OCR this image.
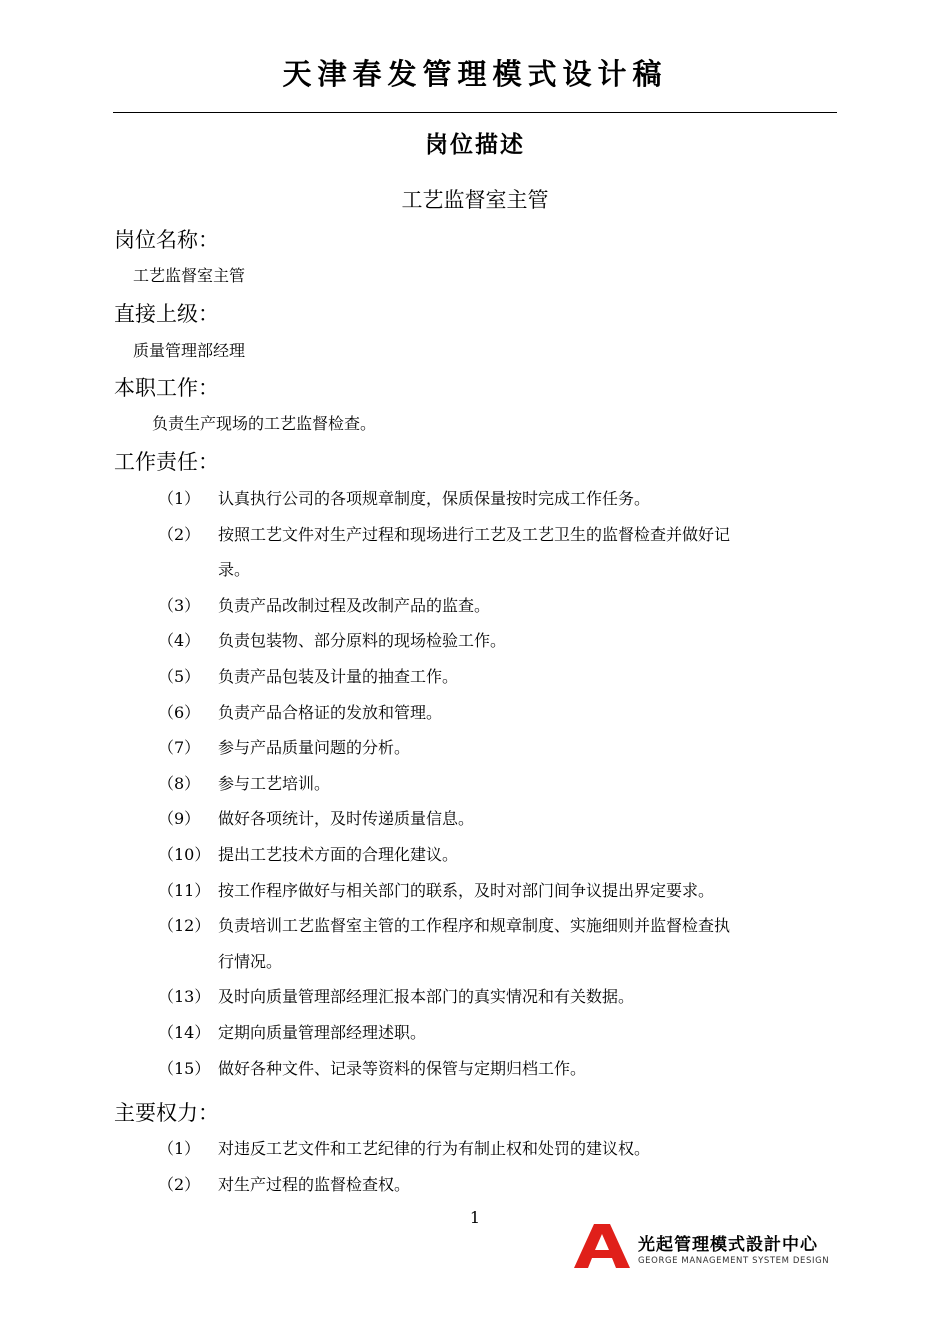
天津春发管理模式设计稿
岗位描述
工艺监督室主管
岗位名称：
工艺监督室主管
直接上级：
质量管理部经理
本职工作：
负责生产现场的工艺监督检查。
工作责任：
（1） 认真执行公司的各项规章制度，保质保量按时完成工作任务。
（2） 按照工艺文件对生产过程和现场进行工艺及工艺卫生的监督检查并做好记
录。
（3） 负责产品改制过程及改制产品的监查。
（4） 负责包装物、部分原料的现场检验工作。
（5） 负责产品包装及计量的抽查工作。
（6） 负责产品合格证的发放和管理。
（7） 参与产品质量问题的分析。
（8） 参与工艺培训。
（9） 做好各项统计，及时传递质量信息。
（10） 提出工艺技术方面的合理化建议。
（11） 按工作程序做好与相关部门的联系，及时对部门间争议提出界定要求。
（12） 负责培训工艺监督室主管的工作程序和规章制度、实施细则并监督检查执
行情况。
（13） 及时向质量管理部经理汇报本部门的真实情况和有关数据。
（14） 定期向质量管理部经理述职。
（15） 做好各种文件、记录等资料的保管与定期归档工作。
主要权力：
（1） 对违反工艺文件和工艺纪律的行为有制止权和处罚的建议权。
（2） 对生产过程的监督检查权。
1
光起管理模式設計中心
GEORGE MANAGEMENT SYSTEM DESIGN
